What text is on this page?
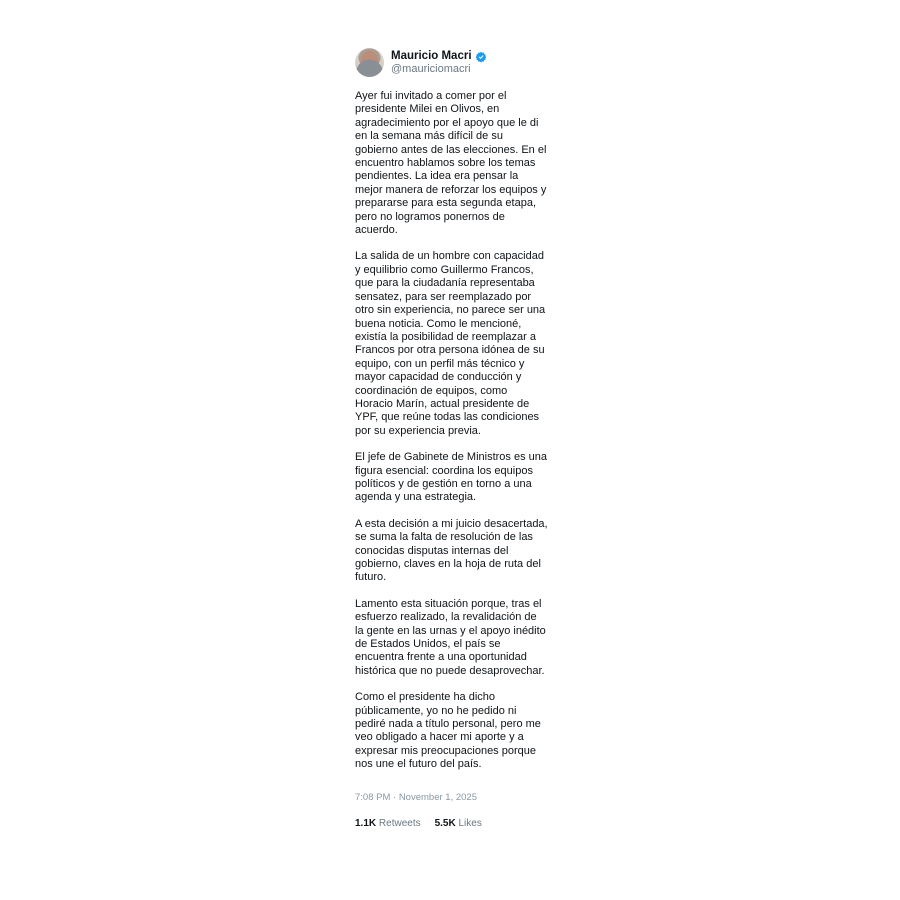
Mauricio Macri
@mauriciomacri

Ayer fui invitado a comer por el presidente Milei en Olivos, en agradecimiento por el apoyo que le di en la semana más difícil de su gobierno antes de las elecciones. En el encuentro hablamos sobre los temas pendientes. La idea era pensar la mejor manera de reforzar los equipos y prepararse para esta segunda etapa, pero no logramos ponernos de acuerdo.

La salida de un hombre con capacidad y equilibrio como Guillermo Francos, que para la ciudadanía representaba sensatez, para ser reemplazado por otro sin experiencia, no parece ser una buena noticia. Como le mencioné, existía la posibilidad de reemplazar a Francos por otra persona idónea de su equipo, con un perfil más técnico y mayor capacidad de conducción y coordinación de equipos, como Horacio Marín, actual presidente de YPF, que reúne todas las condiciones por su experiencia previa.

El jefe de Gabinete de Ministros es una figura esencial: coordina los equipos políticos y de gestión en torno a una agenda y una estrategia.

A esta decisión a mi juicio desacertada, se suma la falta de resolución de las conocidas disputas internas del gobierno, claves en la hoja de ruta del futuro.

Lamento esta situación porque, tras el esfuerzo realizado, la revalidación de la gente en las urnas y el apoyo inédito de Estados Unidos, el país se encuentra frente a una oportunidad histórica que no puede desaprovechar.

Como el presidente ha dicho públicamente, yo no he pedido ni pediré nada a título personal, pero me veo obligado a hacer mi aporte y a expresar mis preocupaciones porque nos une el futuro del país.

7:08 PM · November 1, 2025
1.1K Retweets 5.5K Likes
